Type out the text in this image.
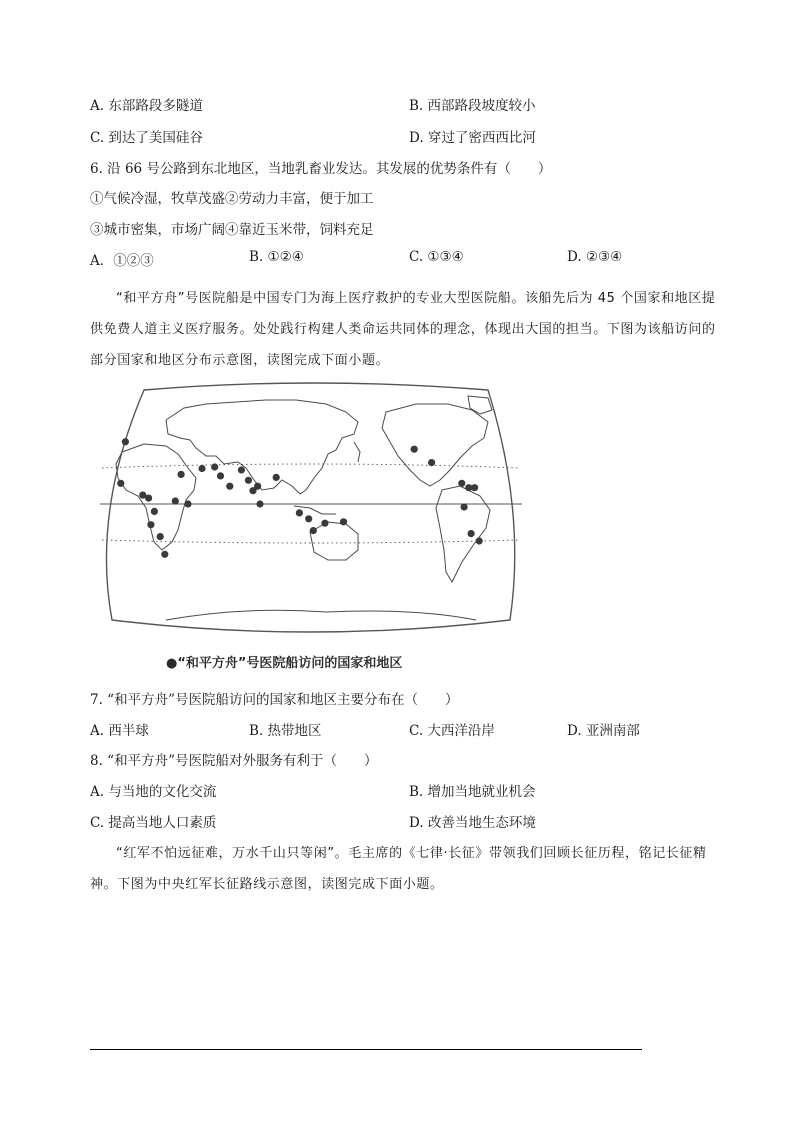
A. 东部路段多隧道	B. 西部路段坡度较小
C. 到达了美国硅谷	D. 穿过了密西西比河
6. 沿 66 号公路到东北地区，当地乳畜业发达。其发展的优势条件有（　　）
①气候冷湿，牧草茂盛②劳动力丰富，便于加工
③城市密集，市场广阔④靠近玉米带，饲料充足
A．①②③	B. ①②④	C. ①③④	D. ②③④
“和平方舟”号医院船是中国专门为海上医疗救护的专业大型医院船。该船先后为 45 个国家和地区提供免费人道主义医疗服务。处处践行构建人类命运共同体的理念，体现出大国的担当。下图为该船访问的部分国家和地区分布示意图，读图完成下面小题。
●“和平方舟”号医院船访问的国家和地区
7. “和平方舟”号医院船访问的国家和地区主要分布在（　　）
A. 西半球	B. 热带地区	C. 大西洋沿岸	D. 亚洲南部
8. “和平方舟”号医院船对外服务有利于（　　）
A. 与当地的文化交流	B. 增加当地就业机会
C. 提高当地人口素质	D. 改善当地生态环境
“红军不怕远征难，万水千山只等闲”。毛主席的《七律·长征》带领我们回顾长征历程，铭记长征精神。下图为中央红军长征路线示意图，读图完成下面小题。
